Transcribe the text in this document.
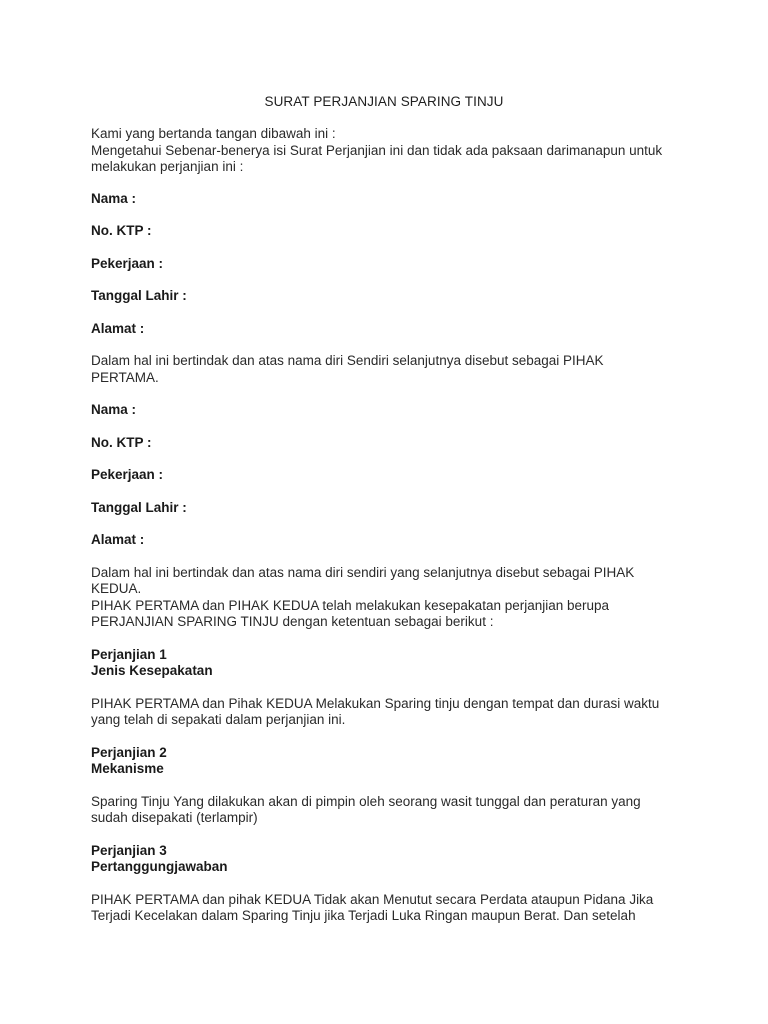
SURAT PERJANJIAN SPARING TINJU

Kami yang bertanda tangan dibawah ini :

Mengetahui Sebenar-benerya isi Surat Perjanjian ini dan tidak ada paksaan darimanapun untuk

melakukan perjanjian ini :

Nama :

No. KTP :

Pekerjaan :

Tanggal Lahir :

Alamat :

Dalam hal ini bertindak dan atas nama diri Sendiri selanjutnya disebut sebagai PIHAK

PERTAMA.

Nama :

No. KTP :

Pekerjaan :

Tanggal Lahir :

Alamat :

Dalam hal ini bertindak dan atas nama diri sendiri yang selanjutnya disebut sebagai PIHAK

KEDUA.

PIHAK PERTAMA dan PIHAK KEDUA telah melakukan kesepakatan perjanjian berupa

PERJANJIAN SPARING TINJU dengan ketentuan sebagai berikut :

Perjanjian 1

Jenis Kesepakatan

PIHAK PERTAMA dan Pihak KEDUA Melakukan Sparing tinju dengan tempat dan durasi waktu

yang telah di sepakati dalam perjanjian ini.

Perjanjian 2

Mekanisme

Sparing Tinju Yang dilakukan akan di pimpin oleh seorang wasit tunggal dan peraturan yang

sudah disepakati (terlampir)

Perjanjian 3

Pertanggungjawaban

PIHAK PERTAMA dan pihak KEDUA Tidak akan Menutut secara Perdata ataupun Pidana Jika

Terjadi Kecelakan dalam Sparing Tinju jika Terjadi Luka Ringan maupun Berat. Dan setelah
